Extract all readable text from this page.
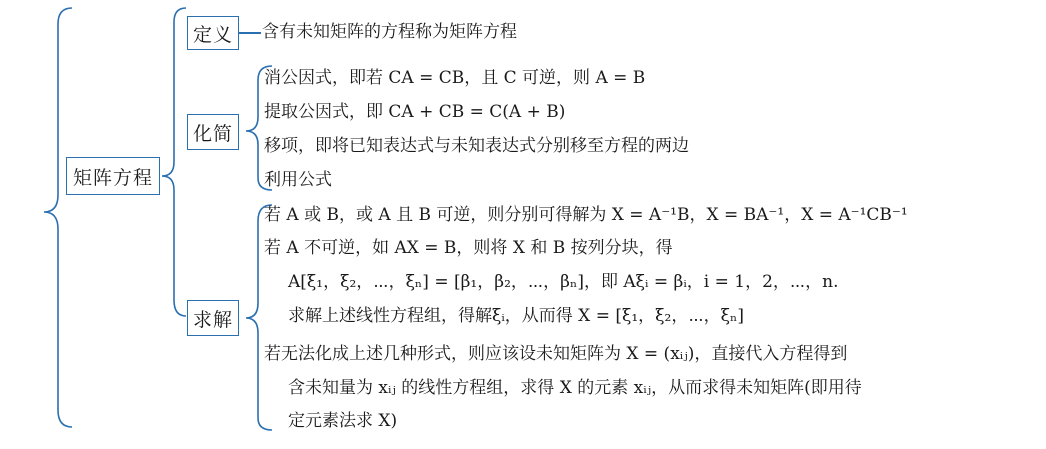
矩阵方程
定义 含有未知矩阵的方程称为矩阵方程
化简
消公因式，即若 CA = CB，且 C 可逆，则 A = B
提取公因式，即 CA + CB = C(A + B)
移项，即将已知表达式与未知表达式分别移至方程的两边
利用公式
求解
若 A 或 B，或 A 且 B 可逆，则分别可得解为 X = A⁻¹B，X = BA⁻¹，X = A⁻¹CB⁻¹
若 A 不可逆，如 AX = B，则将 X 和 B 按列分块，得
A[ξ₁，ξ₂，⋯，ξₙ] = [β₁，β₂，⋯，βₙ]，即 Aξᵢ = βᵢ，i = 1，2，⋯，n.
求解上述线性方程组，得解ξᵢ，从而得 X = [ξ₁，ξ₂，⋯，ξₙ]
若无法化成上述几种形式，则应该设未知矩阵为 X = (xᵢⱼ)，直接代入方程得到
含未知量为 xᵢⱼ 的线性方程组，求得 X 的元素 xᵢⱼ，从而求得未知矩阵(即用待
定元素法求 X)
